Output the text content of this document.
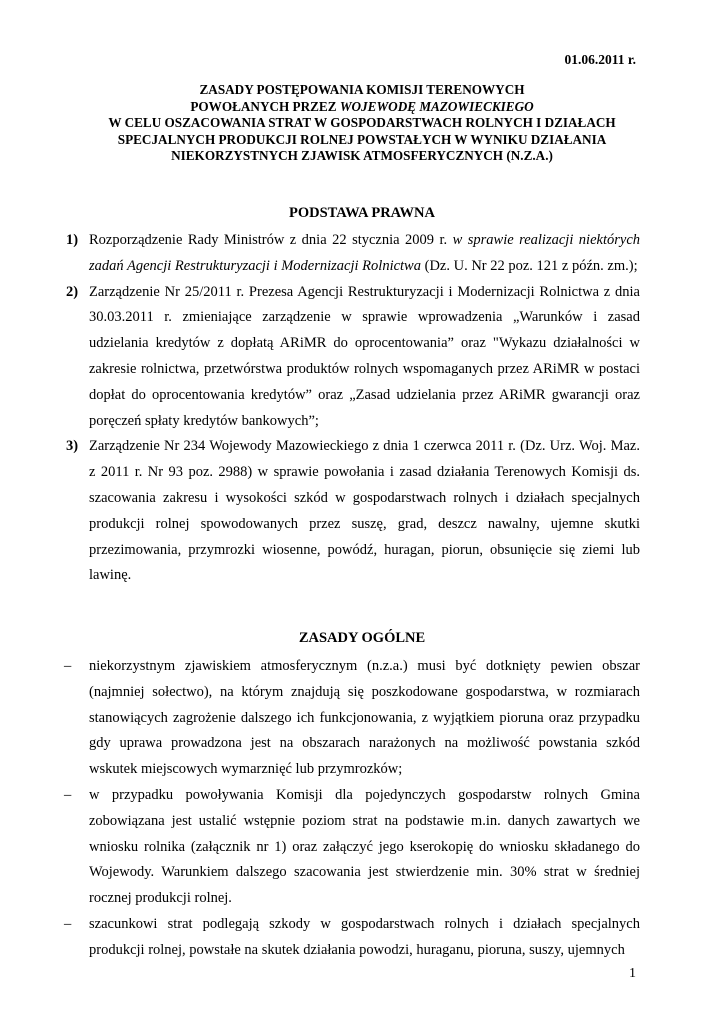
01.06.2011 r.
ZASADY POSTĘPOWANIA KOMISJI TERENOWYCH
POWOŁANYCH PRZEZ WOJEWODĘ MAZOWIECKIEGO
W CELU OSZACOWANIA STRAT W GOSPODARSTWACH ROLNYCH I DZIAŁACH
SPECJALNYCH PRODUKCJI ROLNEJ POWSTAŁYCH W WYNIKU DZIAŁANIA
NIEKORZYSTNYCH ZJAWISK ATMOSFERYCZNYCH (N.Z.A.)
PODSTAWA PRAWNA
1) Rozporządzenie Rady Ministrów z dnia 22 stycznia 2009 r. w sprawie realizacji niektórych zadań Agencji Restrukturyzacji i Modernizacji Rolnictwa (Dz. U. Nr 22 poz. 121 z późn. zm.);
2) Zarządzenie Nr 25/2011 r. Prezesa Agencji Restrukturyzacji i Modernizacji Rolnictwa z dnia 30.03.2011 r. zmieniające zarządzenie w sprawie wprowadzenia „Warunków i zasad udzielania kredytów z dopłatą ARiMR do oprocentowania” oraz "Wykazu działalności w zakresie rolnictwa, przetwórstwa produktów rolnych wspomaganych przez ARiMR w postaci dopłat do oprocentowania kredytów” oraz „Zasad udzielania przez ARiMR gwarancji oraz poręczeń spłaty kredytów bankowych”;
3) Zarządzenie Nr 234 Wojewody Mazowieckiego z dnia 1 czerwca 2011 r. (Dz. Urz. Woj. Maz. z 2011 r. Nr 93 poz. 2988) w sprawie powołania i zasad działania Terenowych Komisji ds. szacowania zakresu i wysokości szkód w gospodarstwach rolnych i działach specjalnych produkcji rolnej spowodowanych przez suszę, grad, deszcz nawalny, ujemne skutki przezimowania, przymrozki wiosenne, powódź, huragan, piorun, obsunięcie się ziemi lub lawinę.
ZASADY OGÓLNE
– niekorzystnym zjawiskiem atmosferycznym (n.z.a.) musi być dotknięty pewien obszar (najmniej sołectwo), na którym znajdują się poszkodowane gospodarstwa, w rozmiarach stanowiących zagrożenie dalszego ich funkcjonowania, z wyjątkiem pioruna oraz przypadku gdy uprawa prowadzona jest na obszarach narażonych na możliwość powstania szkód wskutek miejscowych wymarznięć lub przymrozków;
– w przypadku powoływania Komisji dla pojedynczych gospodarstw rolnych Gmina zobowiązana jest ustalić wstępnie poziom strat na podstawie m.in. danych zawartych we wniosku rolnika (załącznik nr 1) oraz załączyć jego kserokopię do wniosku składanego do Wojewody. Warunkiem dalszego szacowania jest stwierdzenie min. 30% strat w średniej rocznej produkcji rolnej.
– szacunkowi strat podlegają szkody w gospodarstwach rolnych i działach specjalnych produkcji rolnej, powstałe na skutek działania powodzi, huraganu, pioruna, suszy, ujemnych
1
